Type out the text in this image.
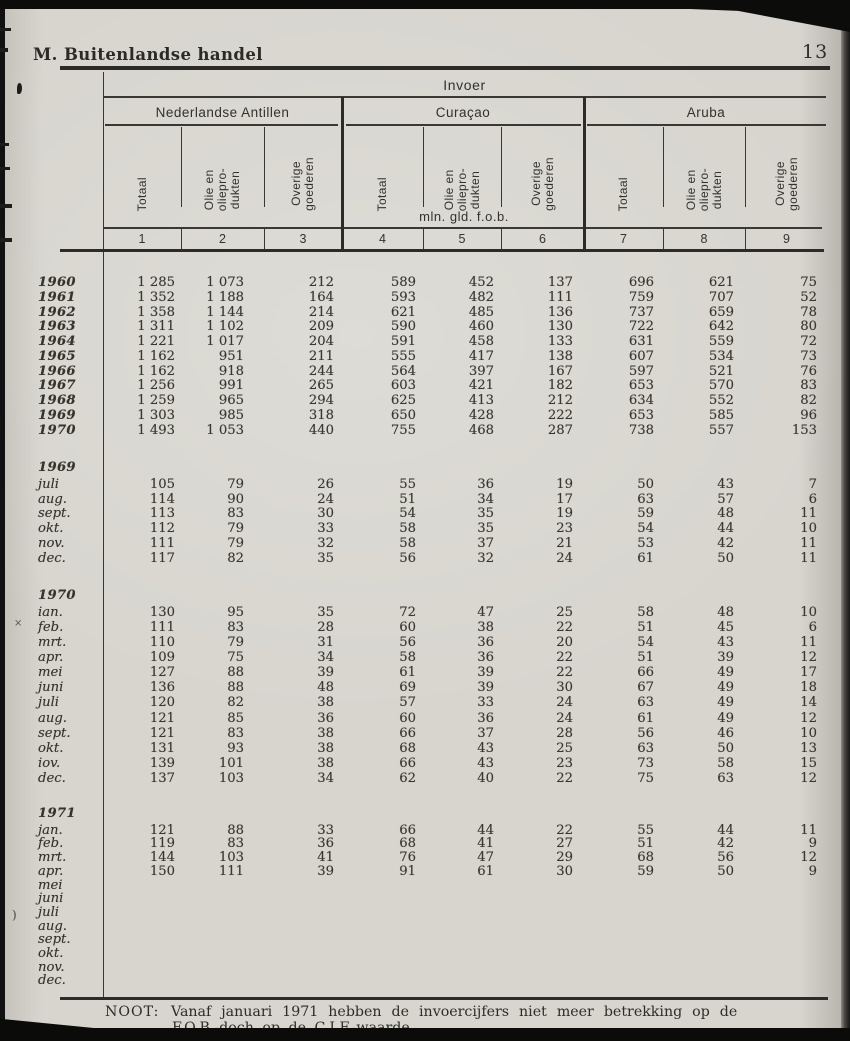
×
)
M. Buitenlandse handel	13
Invoer
Nederlandse Antillen	Curaçao	Aruba
Totaal	Olie en
oliepro-
dukten	Overige
goederen	Totaal	Olie en
oliepro-
dukten	Overige
goederen	Totaal	Olie en
oliepro-
dukten	Overige
goederen
mln. gld. f.o.b.
1	2	3	4	5	6	7	8	9
1960	1 285	1 073	212	589	452	137	696	621	75
1961	1 352	1 188	164	593	482	111	759	707	52
1962	1 358	1 144	214	621	485	136	737	659	78
1963	1 311	1 102	209	590	460	130	722	642	80
1964	1 221	1 017	204	591	458	133	631	559	72
1965	1 162	951	211	555	417	138	607	534	73
1966	1 162	918	244	564	397	167	597	521	76
1967	1 256	991	265	603	421	182	653	570	83
1968	1 259	965	294	625	413	212	634	552	82
1969	1 303	985	318	650	428	222	653	585	96
1970	1 493	1 053	440	755	468	287	738	557	153
1969
juli	105	79	26	55	36	19	50	43	7
aug.	114	90	24	51	34	17	63	57	6
sept.	113	83	30	54	35	19	59	48	11
okt.	112	79	33	58	35	23	54	44	10
nov.	111	79	32	58	37	21	53	42	11
dec.	117	82	35	56	32	24	61	50	11
1970
ian.	130	95	35	72	47	25	58	48	10
feb.	111	83	28	60	38	22	51	45	6
mrt.	110	79	31	56	36	20	54	43	11
apr.	109	75	34	58	36	22	51	39	12
mei	127	88	39	61	39	22	66	49	17
juni	136	88	48	69	39	30	67	49	18
juli	120	82	38	57	33	24	63	49	14
aug.	121	85	36	60	36	24	61	49	12
sept.	121	83	38	66	37	28	56	46	10
okt.	131	93	38	68	43	25	63	50	13
iov.	139	101	38	66	43	23	73	58	15
dec.	137	103	34	62	40	22	75	63	12
1971
jan.	121	88	33	66	44	22	55	44	11
feb.	119	83	36	68	41	27	51	42	9
mrt.	144	103	41	76	47	29	68	56	12
apr.	150	111	39	91	61	30	59	50	9
mei
juni
juli
aug.
sept.
okt.
nov.
dec.
NOOT: Vanaf januari 1971 hebben de invoercijfers niet meer betrekking op de
